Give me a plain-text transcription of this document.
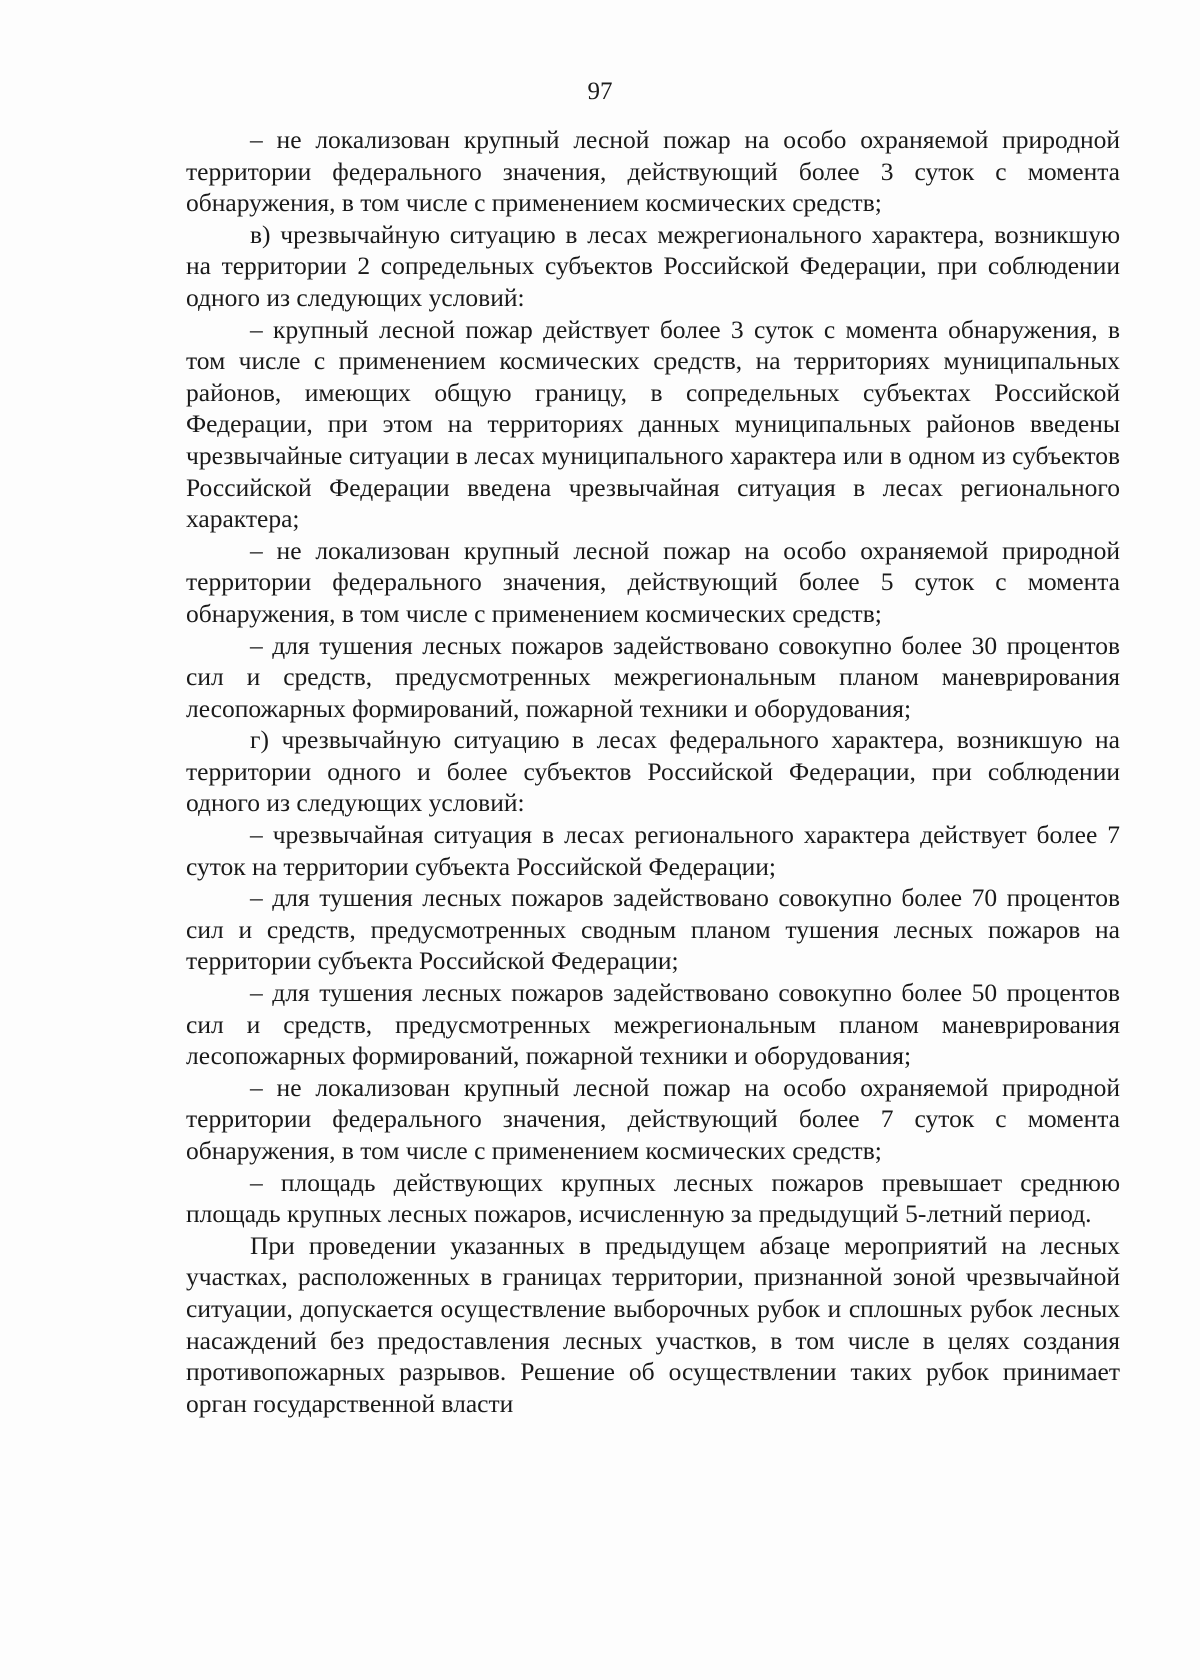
97

– не локализован крупный лесной пожар на особо охраняемой природной территории федерального значения, действующий более 3 суток с момента обнаружения, в том числе с применением космических средств;

в) чрезвычайную ситуацию в лесах межрегионального характера, возникшую на территории 2 сопредельных субъектов Российской Федерации, при соблюдении одного из следующих условий:

– крупный лесной пожар действует более 3 суток с момента обнаружения, в том числе с применением космических средств, на территориях муниципальных районов, имеющих общую границу, в сопредельных субъектах Российской Федерации, при этом на территориях данных муниципальных районов введены чрезвычайные ситуации в лесах муниципального характера или в одном из субъектов Российской Федерации введена чрезвычайная ситуация в лесах регионального характера;

– не локализован крупный лесной пожар на особо охраняемой природной территории федерального значения, действующий более 5 суток с момента обнаружения, в том числе с применением космических средств;

– для тушения лесных пожаров задействовано совокупно более 30 процентов сил и средств, предусмотренных межрегиональным планом маневрирования лесопожарных формирований, пожарной техники и оборудования;

г) чрезвычайную ситуацию в лесах федерального характера, возникшую на территории одного и более субъектов Российской Федерации, при соблюдении одного из следующих условий:

– чрезвычайная ситуация в лесах регионального характера действует более 7 суток на территории субъекта Российской Федерации;

– для тушения лесных пожаров задействовано совокупно более 70 процентов сил и средств, предусмотренных сводным планом тушения лесных пожаров на территории субъекта Российской Федерации;

– для тушения лесных пожаров задействовано совокупно более 50 процентов сил и средств, предусмотренных межрегиональным планом маневрирования лесопожарных формирований, пожарной техники и оборудования;

– не локализован крупный лесной пожар на особо охраняемой природной территории федерального значения, действующий более 7 суток с момента обнаружения, в том числе с применением космических средств;

– площадь действующих крупных лесных пожаров превышает среднюю площадь крупных лесных пожаров, исчисленную за предыдущий 5-летний период.

При проведении указанных в предыдущем абзаце мероприятий на лесных участках, расположенных в границах территории, признанной зоной чрезвычайной ситуации, допускается осуществление выборочных рубок и сплошных рубок лесных насаждений без предоставления лесных участков, в том числе в целях создания противопожарных разрывов. Решение об осуществлении таких рубок принимает орган государственной власти
